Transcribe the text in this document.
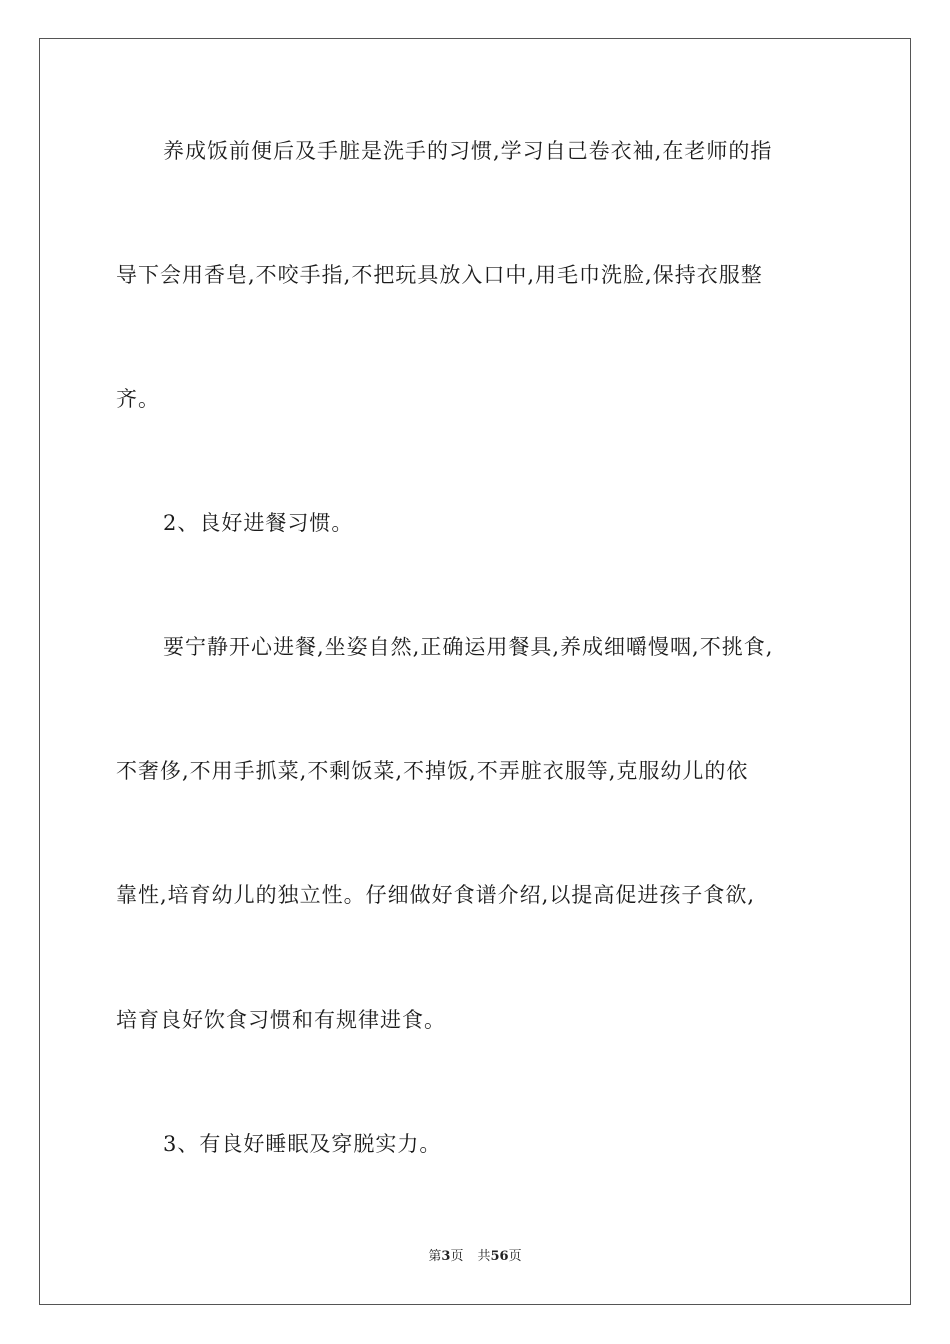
养成饭前便后及手脏是洗手的习惯,学习自己卷衣袖,在老师的指
导下会用香皂,不咬手指,不把玩具放入口中,用毛巾洗脸,保持衣服整
齐。
2、良好进餐习惯。
要宁静开心进餐,坐姿自然,正确运用餐具,养成细嚼慢咽,不挑食,
不奢侈,不用手抓菜,不剩饭菜,不掉饭,不弄脏衣服等,克服幼儿的依
靠性,培育幼儿的独立性。仔细做好食谱介绍,以提高促进孩子食欲,
培育良好饮食习惯和有规律进食。
3、有良好睡眠及穿脱实力。
第3页 共56页
